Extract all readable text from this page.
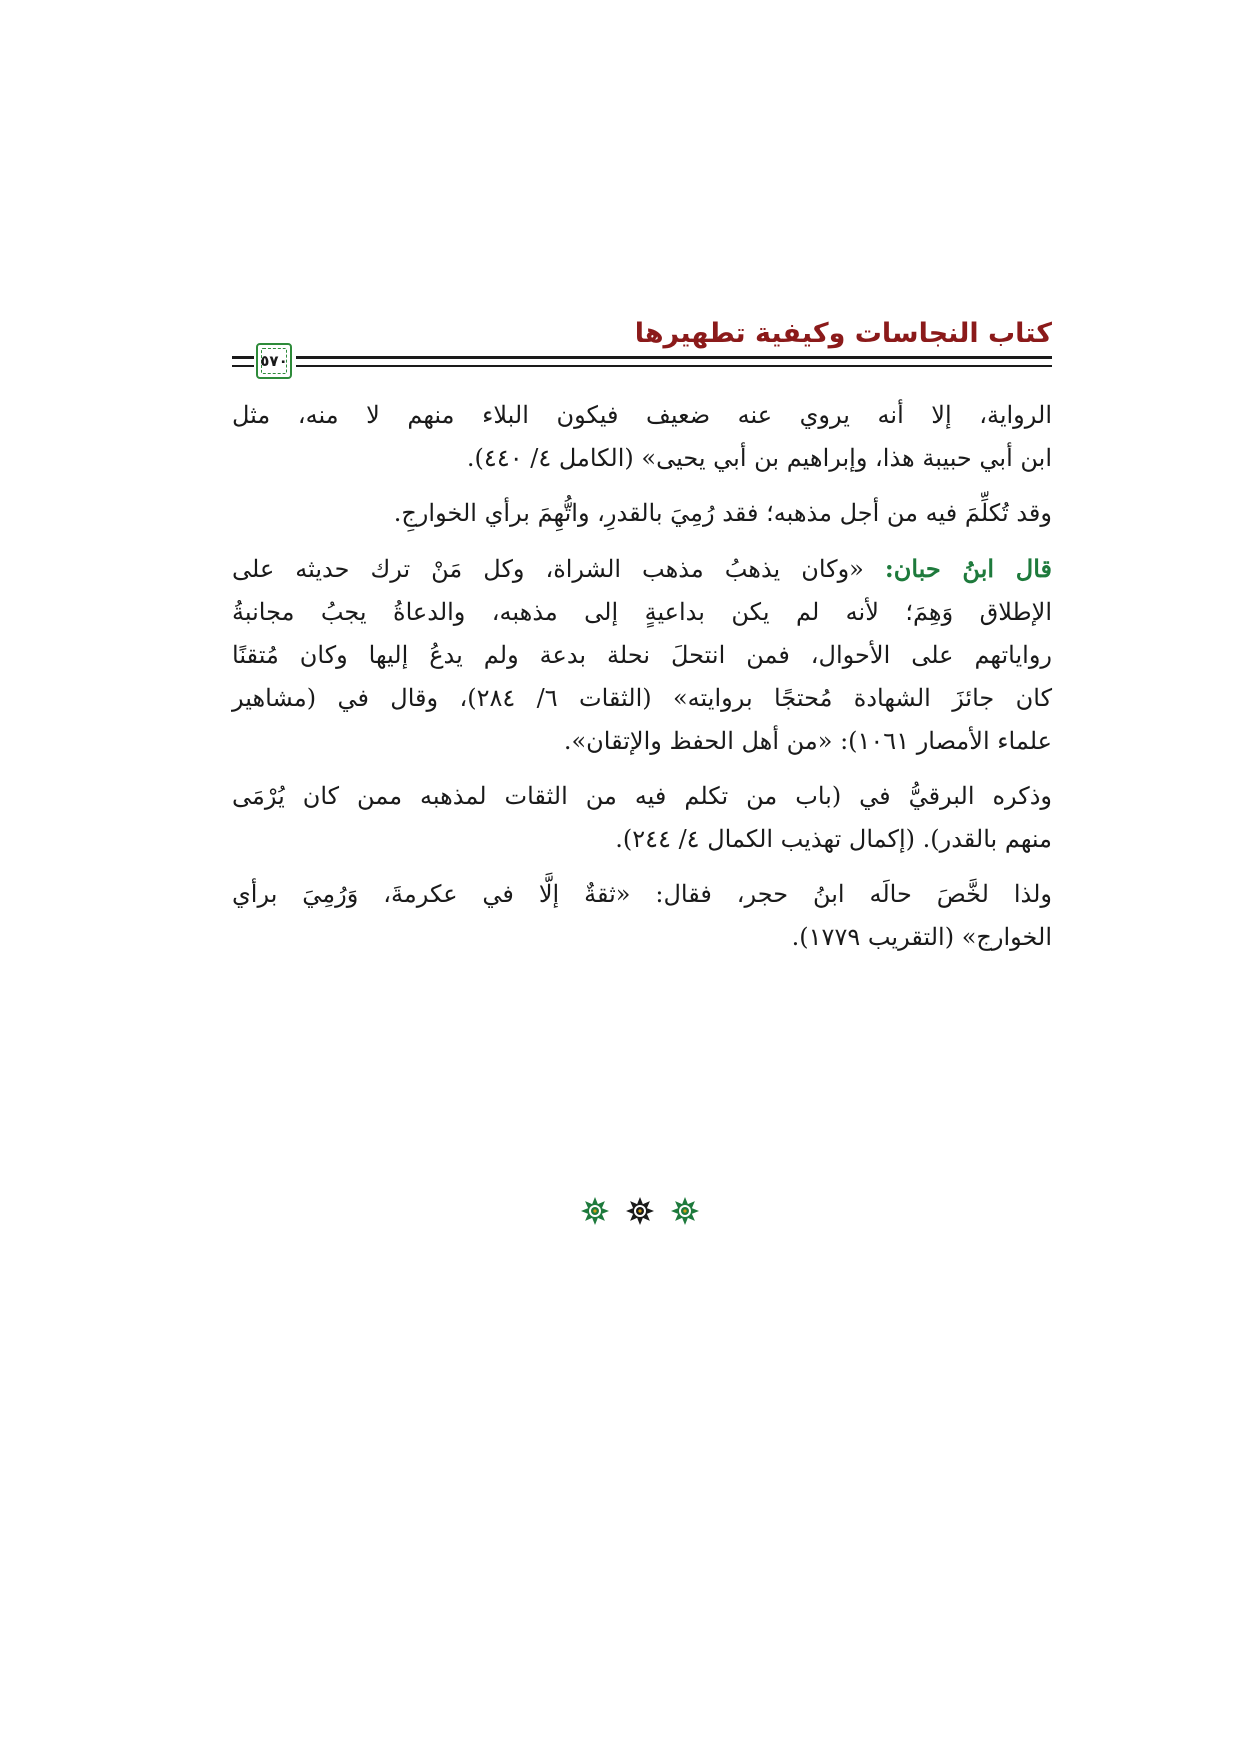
كتاب النجاسات وكيفية تطهيرها
٥٧٠

الرواية، إلا أنه يروي عنه ضعيف فيكون البلاء منهم لا منه، مثل
ابن أبي حبيبة هذا، وإبراهيم بن أبي يحيى» (الكامل ٤/ ٤٤٠).

وقد تُكلِّمَ فيه من أجل مذهبه؛ فقد رُمِيَ بالقدرِ، واتُّهِمَ برأي الخوارجِ.

قال ابنُ حبان: «وكان يذهبُ مذهب الشراة، وكل مَنْ ترك حديثه على
الإطلاق وَهِمَ؛ لأنه لم يكن بداعيةٍ إلى مذهبه، والدعاةُ يجبُ مجانبةُ
رواياتهم على الأحوال، فمن انتحلَ نحلة بدعة ولم يدعُ إليها وكان مُتقنًا
كان جائزَ الشهادة مُحتجًا بروايته» (الثقات ٦/ ٢٨٤)، وقال في (مشاهير
علماء الأمصار ١٠٦١): «من أهل الحفظ والإتقان».

وذكره البرقيُّ في (باب من تكلم فيه من الثقات لمذهبه ممن كان يُرْمَى
منهم بالقدر). (إكمال تهذيب الكمال ٤/ ٢٤٤).

ولذا لخَّصَ حالَه ابنُ حجر، فقال: «ثقةٌ إلَّا في عكرمةَ، وَرُمِيَ برأي
الخوارج» (التقريب ١٧٧٩).
